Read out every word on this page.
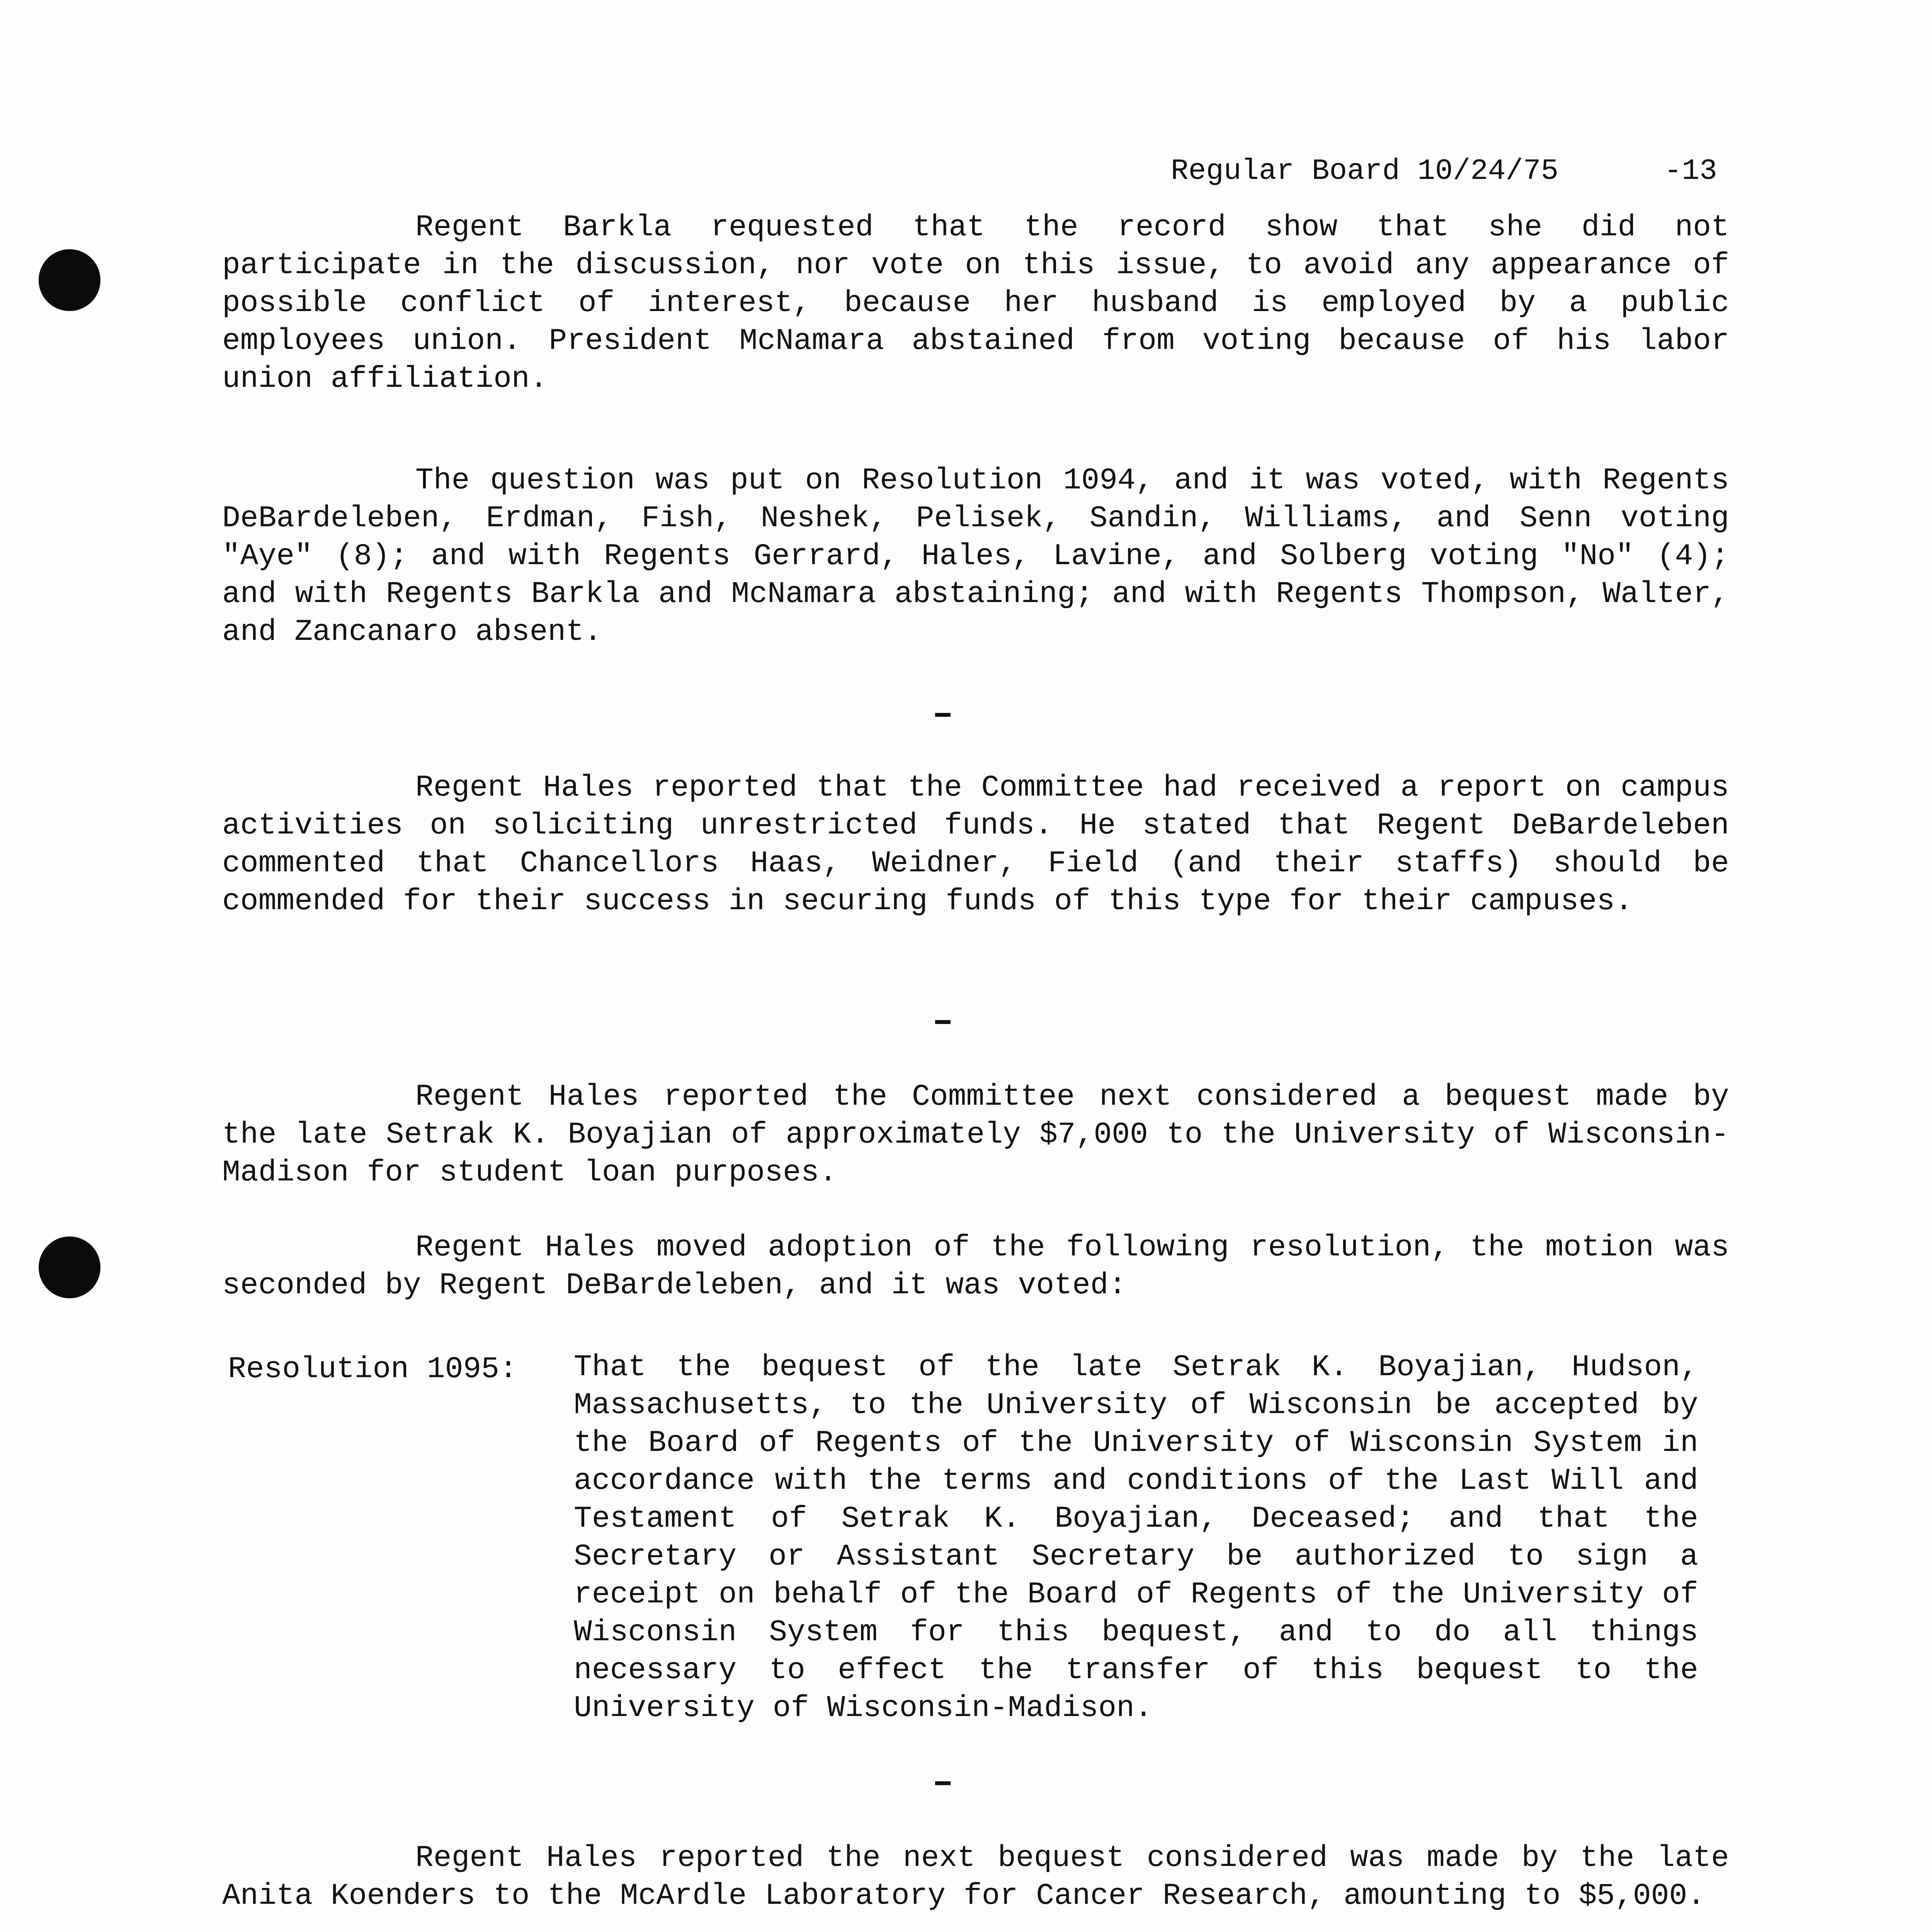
Regular Board 10/24/75	-13

Regent Barkla requested that the record show that she did not participate in the discussion, nor vote on this issue, to avoid any appearance of possible conflict of interest, because her husband is employed by a public employees union. President McNamara abstained from voting because of his labor union affiliation.

The question was put on Resolution 1094, and it was voted, with Regents DeBardeleben, Erdman, Fish, Neshek, Pelisek, Sandin, Williams, and Senn voting "Aye" (8); and with Regents Gerrard, Hales, Lavine, and Solberg voting "No" (4); and with Regents Barkla and McNamara abstaining; and with Regents Thompson, Walter, and Zancanaro absent.

Regent Hales reported that the Committee had received a report on campus activities on soliciting unrestricted funds. He stated that Regent DeBardeleben commented that Chancellors Haas, Weidner, Field (and their staffs) should be commended for their success in securing funds of this type for their campuses.

Regent Hales reported the Committee next considered a bequest made by the late Setrak K. Boyajian of approximately $7,000 to the University of Wisconsin-Madison for student loan purposes.

Regent Hales moved adoption of the following resolution, the motion was seconded by Regent DeBardeleben, and it was voted:

Resolution 1095: That the bequest of the late Setrak K. Boyajian, Hudson, Massachusetts, to the University of Wisconsin be accepted by the Board of Regents of the University of Wisconsin System in accordance with the terms and conditions of the Last Will and Testament of Setrak K. Boyajian, Deceased; and that the Secretary or Assistant Secretary be authorized to sign a receipt on behalf of the Board of Regents of the University of Wisconsin System for this bequest, and to do all things necessary to effect the transfer of this bequest to the University of Wisconsin-Madison.

Regent Hales reported the next bequest considered was made by the late Anita Koenders to the McArdle Laboratory for Cancer Research, amounting to $5,000.
